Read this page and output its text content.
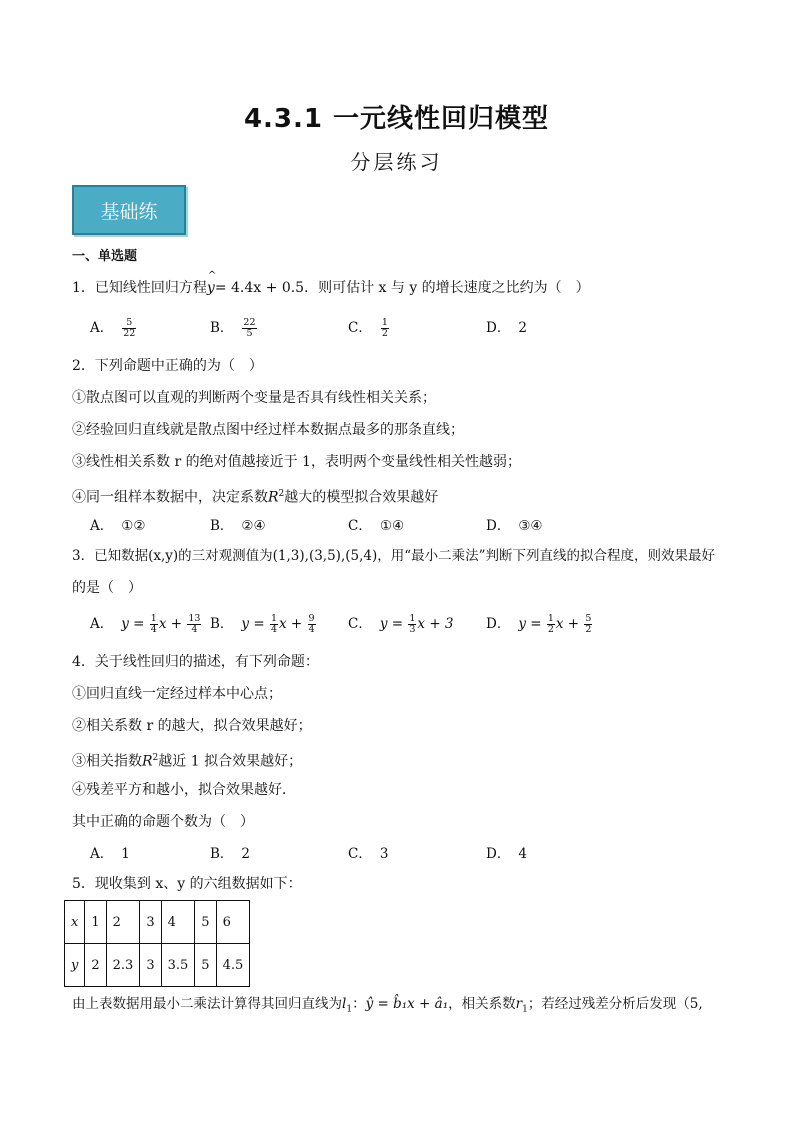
4.3.1 一元线性回归模型
分层练习
基础练
一、单选题
1．已知线性回归方程^ y= 4.4x + 0.5．则可估计 x 与 y 的增长速度之比约为（　）
A． $\frac{5}{22}$	B． $\frac{22}{5}$	C． $\frac{1}{2}$	D． 2
2．下列命题中正确的为（　）
①散点图可以直观的判断两个变量是否具有线性相关关系；
②经验回归直线就是散点图中经过样本数据点最多的那条直线；
③线性相关系数 r 的绝对值越接近于 1，表明两个变量线性相关性越弱；
④同一组样本数据中，决定系数$R^2$越大的模型拟合效果越好
A． ①②	B． ②④	C． ①④	D． ③④
3．已知数据(x,y)的三对观测值为(1,3),(3,5),(5,4)，用“最小二乘法”判断下列直线的拟合程度，则效果最好
的是（　）
A． $y = \frac{1}{4}$ $x + \frac{13}{4}$ B． $y = \frac{1}{4}$ $x + \frac{9}{4}$ C． $y = \frac{1}{3}$ x + 3 D． $y = \frac{1}{2}$ $x + \frac{5}{2}$
4．关于线性回归的描述，有下列命题：
①回归直线一定经过样本中心点；
②相关系数 r 的越大，拟合效果越好；
③相关指数$R^2$越近 1 拟合效果越好；
④残差平方和越小，拟合效果越好．
其中正确的命题个数为（　）
A． 1	B． 2	C． 3	D． 4
5．现收集到 x、y 的六组数据如下：
x	1	2	3	4	5	6
y	2	2.3	3	3.5	5	4.5
由上表数据用最小二乘法计算得其回归直线为$l_1$：ŷ = b̂₁x + â₁，相关系数$r_1$；若经过残差分析后发现（5,
